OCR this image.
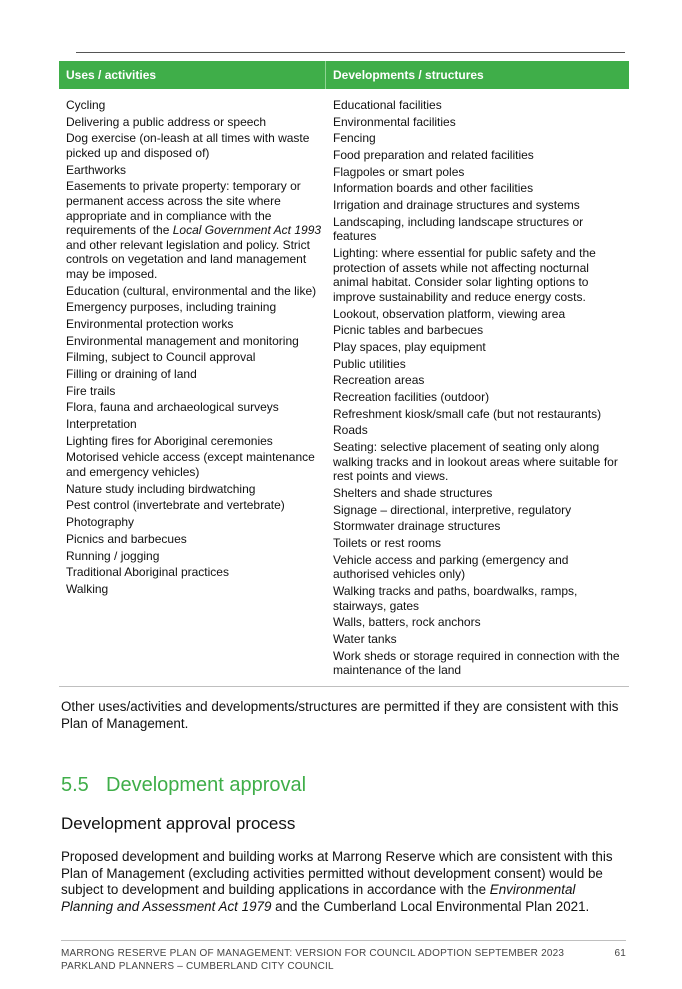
Uses / activities	Developments / structures
Cycling
Delivering a public address or speech
Dog exercise (on-leash at all times with waste picked up and disposed of)
Earthworks
Easements to private property: temporary or permanent access across the site where appropriate and in compliance with the requirements of the Local Government Act 1993 and other relevant legislation and policy. Strict controls on vegetation and land management may be imposed.
Education (cultural, environmental and the like)
Emergency purposes, including training
Environmental protection works
Environmental management and monitoring
Filming, subject to Council approval
Filling or draining of land
Fire trails
Flora, fauna and archaeological surveys
Interpretation
Lighting fires for Aboriginal ceremonies
Motorised vehicle access (except maintenance and emergency vehicles)
Nature study including birdwatching
Pest control (invertebrate and vertebrate)
Photography
Picnics and barbecues
Running / jogging
Traditional Aboriginal practices
Walking
Educational facilities
Environmental facilities
Fencing
Food preparation and related facilities
Flagpoles or smart poles
Information boards and other facilities
Irrigation and drainage structures and systems
Landscaping, including landscape structures or features
Lighting: where essential for public safety and the protection of assets while not affecting nocturnal animal habitat. Consider solar lighting options to improve sustainability and reduce energy costs.
Lookout, observation platform, viewing area
Picnic tables and barbecues
Play spaces, play equipment
Public utilities
Recreation areas
Recreation facilities (outdoor)
Refreshment kiosk/small cafe (but not restaurants)
Roads
Seating: selective placement of seating only along walking tracks and in lookout areas where suitable for rest points and views.
Shelters and shade structures
Signage – directional, interpretive, regulatory
Stormwater drainage structures
Toilets or rest rooms
Vehicle access and parking (emergency and authorised vehicles only)
Walking tracks and paths, boardwalks, ramps, stairways, gates
Walls, batters, rock anchors
Water tanks
Work sheds or storage required in connection with the maintenance of the land
Other uses/activities and developments/structures are permitted if they are consistent with this Plan of Management.
5.5 Development approval
Development approval process
Proposed development and building works at Marrong Reserve which are consistent with this Plan of Management (excluding activities permitted without development consent) would be subject to development and building applications in accordance with the Environmental Planning and Assessment Act 1979 and the Cumberland Local Environmental Plan 2021.
MARRONG RESERVE PLAN OF MANAGEMENT: VERSION FOR COUNCIL ADOPTION SEPTEMBER 2023
PARKLAND PLANNERS – CUMBERLAND CITY COUNCIL
61
